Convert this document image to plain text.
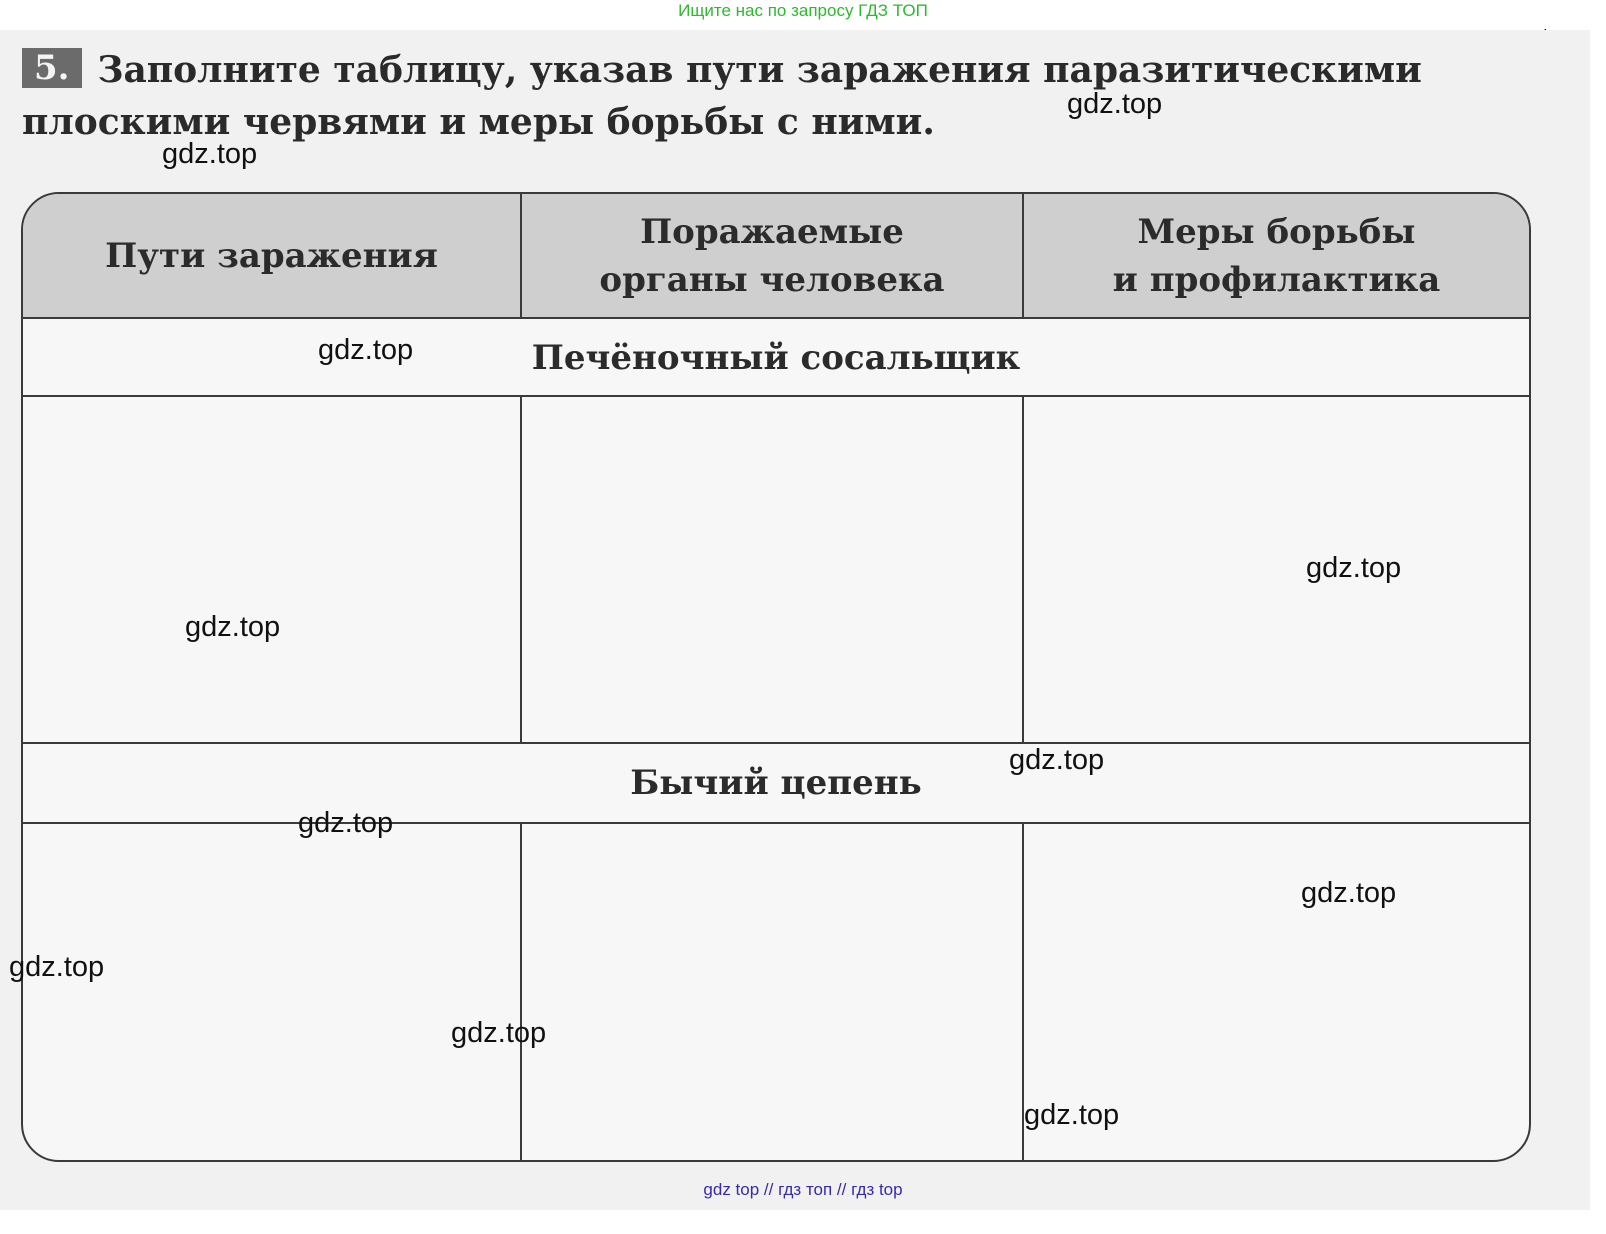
Ищите нас по запросу ГДЗ ТОП
5. Заполните таблицу, указав пути заражения паразитическими плоскими червями и меры борьбы с ними.
Пути заражения
Поражаемые
органы человека
Меры борьбы
и профилактика
Печёночный сосальщик
Бычий цепень
gdz.top
gdz.top
gdz.top
gdz.top
gdz.top
gdz.top
gdz.top
gdz.top
gdz.top
gdz.top
gdz.top
gdz top // гдз топ // гдз top
